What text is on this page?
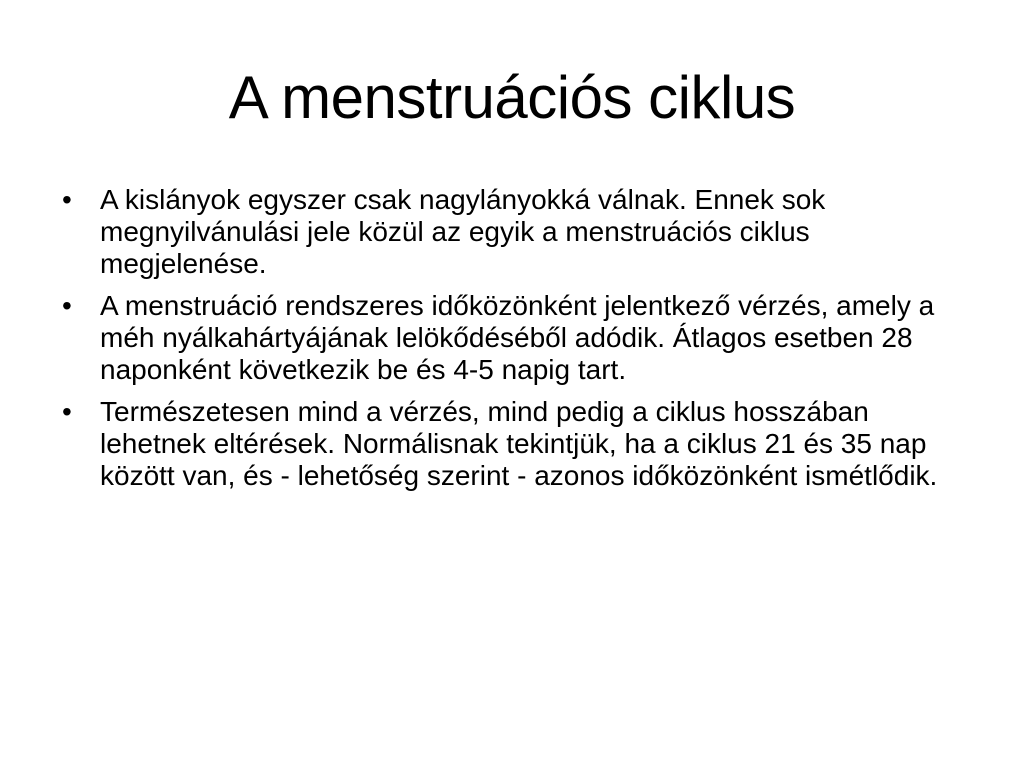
A menstruációs ciklus
• A kislányok egyszer csak nagylányokká válnak. Ennek sok megnyilvánulási jele közül az egyik a menstruációs ciklus megjelenése.
• A menstruáció rendszeres időközönként jelentkező vérzés, amely a méh nyálkahártyájának lelökődéséből adódik. Átlagos esetben 28 naponként következik be és 4-5 napig tart.
• Természetesen mind a vérzés, mind pedig a ciklus hosszában lehetnek eltérések. Normálisnak tekintjük, ha a ciklus 21 és 35 nap között van, és - lehetőség szerint - azonos időközönként ismétlődik.
